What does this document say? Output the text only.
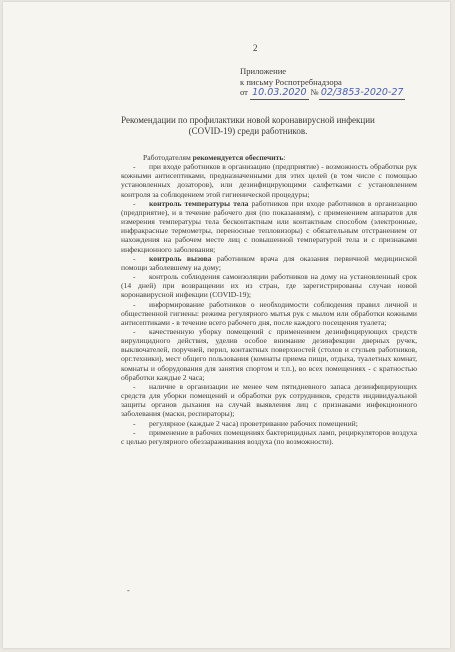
2
Приложение
к письму Роспотребнадзора
от 10.03.2020 № 02/3853-2020-27
Рекомендации по профилактики новой коронавирусной инфекции
(COVID-19) среди работников.

Работодателям рекомендуется обеспечить:

- при входе работников в организацию (предприятие) - возможность обработки рук кожными антисептиками, предназначенными для этих целей (в том числе с помощью установленных дозаторов), или дезинфицирующими салфетками с установлением контроля за соблюдением этой гигиенической процедуры;
- контроль температуры тела работников при входе работников в организацию (предприятие), и в течение рабочего дня (по показаниям), с применением аппаратов для измерения температуры тела бесконтактным или контактным способом (электронные, инфракрасные термометры, переносные тепловизоры) с обязательным отстранением от нахождения на рабочем месте лиц с повышенной температурой тела и с признаками инфекционного заболевания;
- контроль вызова работником врача для оказания первичной медицинской помощи заболевшему на дому;
- контроль соблюдения самоизоляции работников на дому на установленный срок (14 дней) при возвращении их из стран, где зарегистрированы случаи новой коронавирусной инфекции (COVID-19);
- информирование работников о необходимости соблюдения правил личной и общественной гигиены: режима регулярного мытья рук с мылом или обработки кожными антисептиками - в течение всего рабочего дня, после каждого посещения туалета;
- качественную уборку помещений с применением дезинфицирующих средств вирулицидного действия, уделив особое внимание дезинфекции дверных ручек, выключателей, поручней, перил, контактных поверхностей (столов и стульев работников, орг.техники), мест общего пользования (комнаты приема пищи, отдыха, туалетных комнат, комнаты и оборудования для занятия спортом и т.п.), во всех помещениях - с кратностью обработки каждые 2 часа;
- наличие в организации не менее чем пятидневного запаса дезинфицирующих средств для уборки помещений и обработки рук сотрудников, средств индивидуальной защиты органов дыхания на случай выявления лиц с признаками инфекционного заболевания (маски, респираторы);
- регулярное (каждые 2 часа) проветривание рабочих помещений;
- применение в рабочих помещениях бактерицидных ламп, рециркуляторов воздуха с целью регулярного обеззараживания воздуха (по возможности).
-
